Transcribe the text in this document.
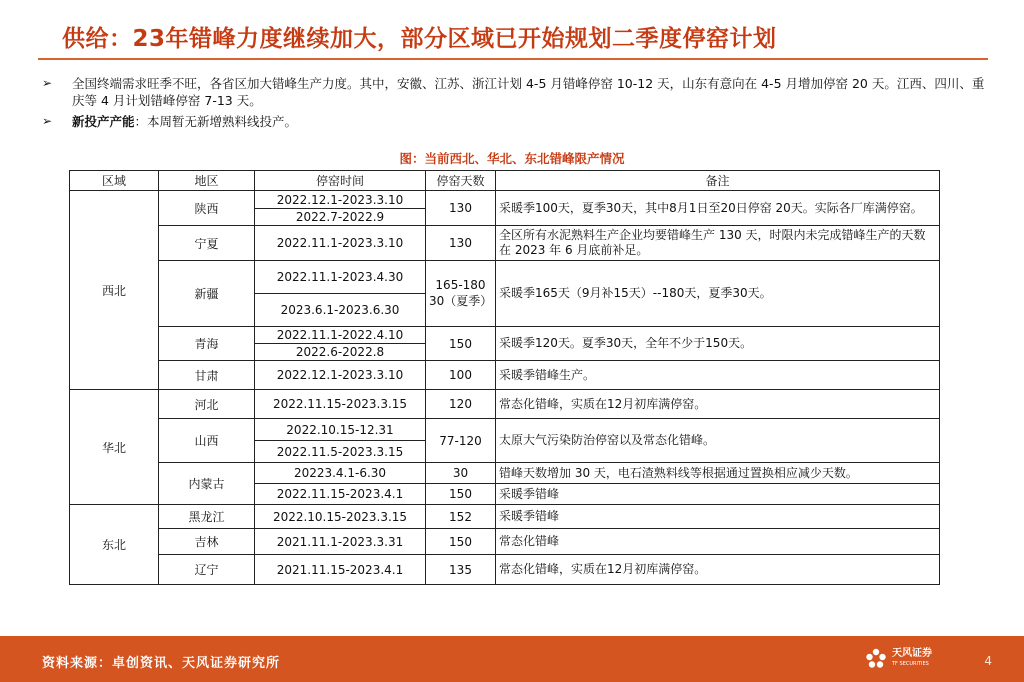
供给：23年错峰力度继续加大，部分区域已开始规划二季度停窑计划
➢ 全国终端需求旺季不旺，各省区加大错峰生产力度。其中，安徽、江苏、浙江计划 4-5 月错峰停窑 10-12 天，山东有意向在 4-5 月增加停窑 20 天。江西、四川、重庆等 4 月计划错峰停窑 7-13 天。
➢ 新投产产能：本周暂无新增熟料线投产。
图：当前西北、华北、东北错峰限产情况
区域	地区	停窑时间	停窑天数	备注
西北	陕西	2022.12.1-2023.3.10	130	采暖季100天，夏季30天，其中8月1日至20日停窑 20天。实际各厂库满停窑。
		2022.7-2022.9		
	宁夏	2022.11.1-2023.3.10	130	全区所有水泥熟料生产企业均要错峰生产 130 天，时限内未完成错峰生产的天数在 2023 年 6 月底前补足。
	新疆	2022.11.1-2023.4.30	165-180
30（夏季）	采暖季165天（9月补15天）--180天，夏季30天。
		2023.6.1-2023.6.30		
	青海	2022.11.1-2022.4.10	150	采暖季120天。夏季30天，全年不少于150天。
		2022.6-2022.8		
	甘肃	2022.12.1-2023.3.10	100	采暖季错峰生产。

华北	河北	2022.11.15-2023.3.15	120	常态化错峰，实质在12月初库满停窑。
	山西	2022.10.15-12.31	77-120	太原大气污染防治停窑以及常态化错峰。
		2022.11.5-2023.3.15		
	内蒙古	20223.4.1-6.30	30	错峰天数增加 30 天，电石渣熟料线等根据通过置换相应减少天数。
		2022.11.15-2023.4.1	150	采暖季错峰

东北	黑龙江	2022.10.15-2023.3.15	152	采暖季错峰
	吉林	2021.11.1-2023.3.31	150	常态化错峰
	辽宁	2021.11.15-2023.4.1	135	常态化错峰，实质在12月初库满停窑。
资料来源：卓创资讯、天风证券研究所
天风证券
TF SECURITIES	4
